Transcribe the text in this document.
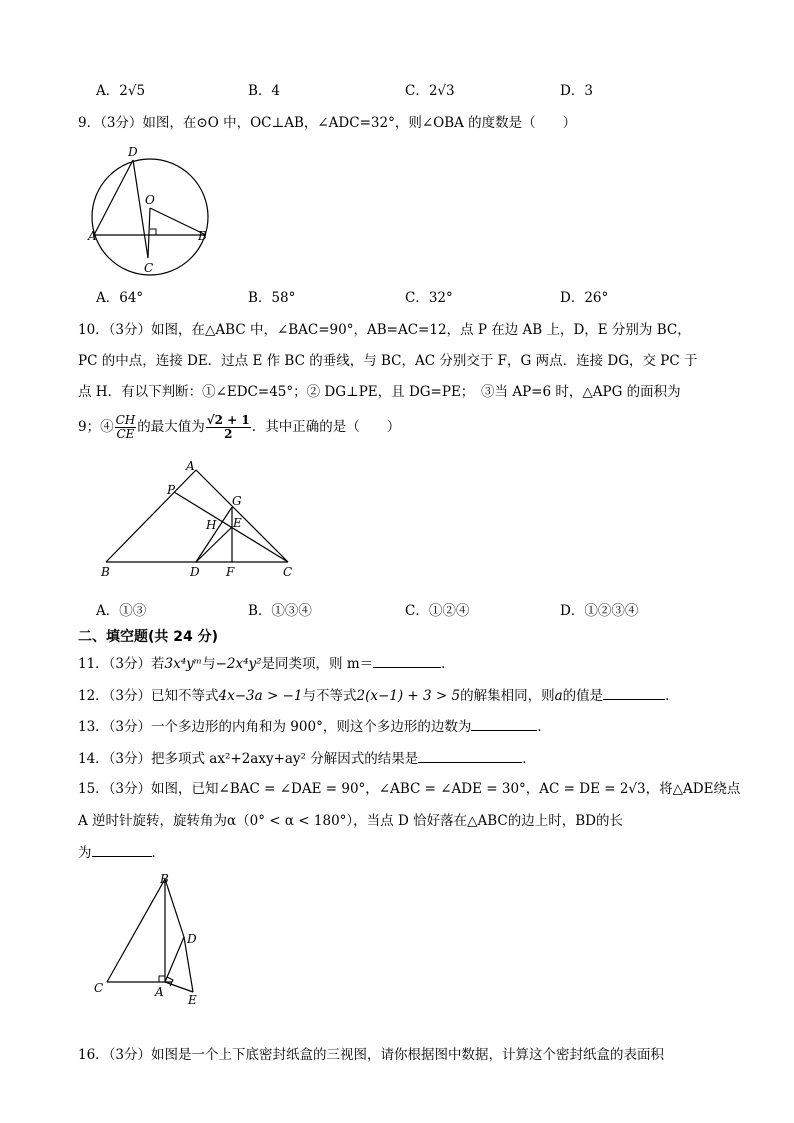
A．2√5	B．4	C．2√3	D．3
9．（3分）如图，在⊙O 中，OC⊥AB，∠ADC=32°，则∠OBA 的度数是（　　）
D
O
A	B
C
A．64°	B．58°	C．32°	D．26°
10．（3分）如图，在△ABC 中，∠BAC=90°，AB=AC=12，点 P 在边 AB 上，D，E 分别为 BC，
PC 的中点，连接 DE．过点 E 作 BC 的垂线，与 BC，AC 分别交于 F，G 两点．连接 DG，交 PC 于
点 H．有以下判断：①∠EDC=45°；② DG⊥PE，且 DG=PE；　③当 AP=6 时，△APG 的面积为
9；④ $\frac{CH}{CE}$ 的最大值为 $\frac{√2 + 1}{2}$ ．其中正确的是（　　）
A
P
G
H E
B	D F	C
A．①③	B．①③④	C．①②④	D．①②③④
二、填空题(共 24 分)
11．（3分）若3x⁴yᵐ与−2x⁴y²是同类项，则 m＝	．
12．（3分）已知不等式4x−3a > −1与不等式2(x−1) + 3 > 5的解集相同，则a的值是	．
13．（3分）一个多边形的内角和为 900°，则这个多边形的边数为	．
14．（3分）把多项式 ax²+2axy+ay² 分解因式的结果是	．
15．（3分）如图，已知∠BAC = ∠DAE = 90°，∠ABC = ∠ADE = 30°，AC = DE = 2√3，将△ADE绕点
A 逆时针旋转，旋转角为α（0° < α < 180°），当点 D 恰好落在△ABC的边上时，BD的长
为	．
B
D
C	A
E
16．（3分）如图是一个上下底密封纸盒的三视图，请你根据图中数据，计算这个密封纸盒的表面积
